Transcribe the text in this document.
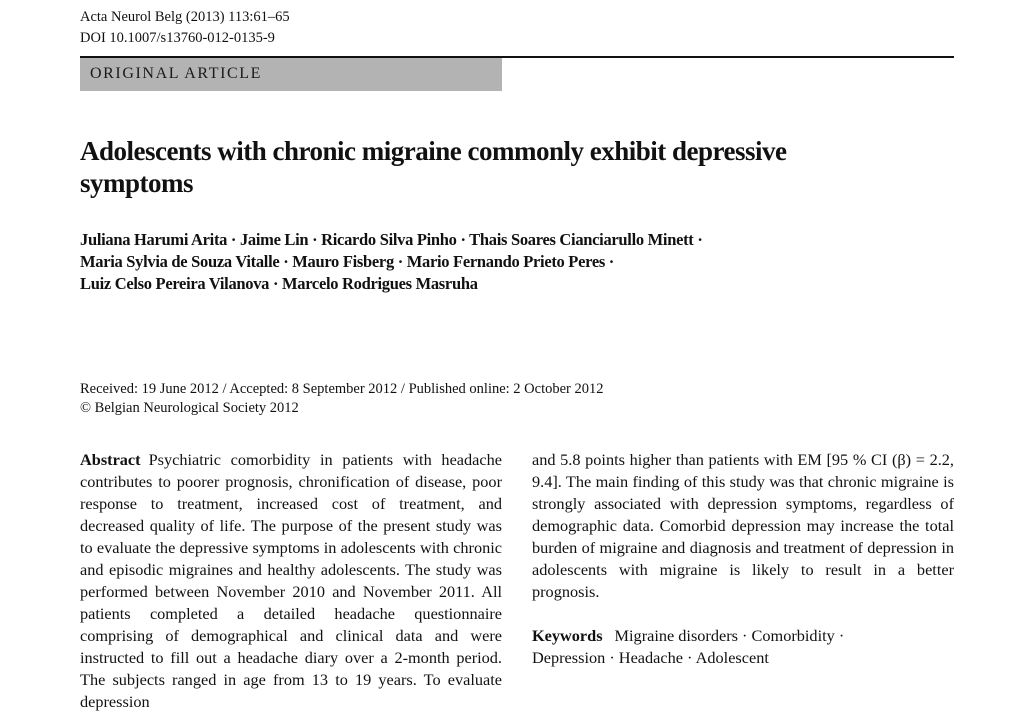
Acta Neurol Belg (2013) 113:61–65
DOI 10.1007/s13760-012-0135-9
ORIGINAL ARTICLE
Adolescents with chronic migraine commonly exhibit depressive symptoms
Juliana Harumi Arita · Jaime Lin · Ricardo Silva Pinho · Thais Soares Cianciarullo Minett ·
Maria Sylvia de Souza Vitalle · Mauro Fisberg · Mario Fernando Prieto Peres ·
Luiz Celso Pereira Vilanova · Marcelo Rodrigues Masruha
Received: 19 June 2012 / Accepted: 8 September 2012 / Published online: 2 October 2012
© Belgian Neurological Society 2012

Abstract Psychiatric comorbidity in patients with headache contributes to poorer prognosis, chronification of disease, poor response to treatment, increased cost of treatment, and decreased quality of life. The purpose of the present study was to evaluate the depressive symptoms in adolescents with chronic and episodic migraines and healthy adolescents. The study was performed between November 2010 and November 2011. All patients completed a detailed headache questionnaire comprising of demographical and clinical data and were instructed to fill out a headache diary over a 2-month period. The subjects ranged in age from 13 to 19 years. To evaluate depression

and 5.8 points higher than patients with EM [95 % CI (β) = 2.2, 9.4]. The main finding of this study was that chronic migraine is strongly associated with depression symptoms, regardless of demographic data. Comorbid depression may increase the total burden of migraine and diagnosis and treatment of depression in adolescents with migraine is likely to result in a better prognosis.

Keywords Migraine disorders · Comorbidity ·
Depression · Headache · Adolescent
